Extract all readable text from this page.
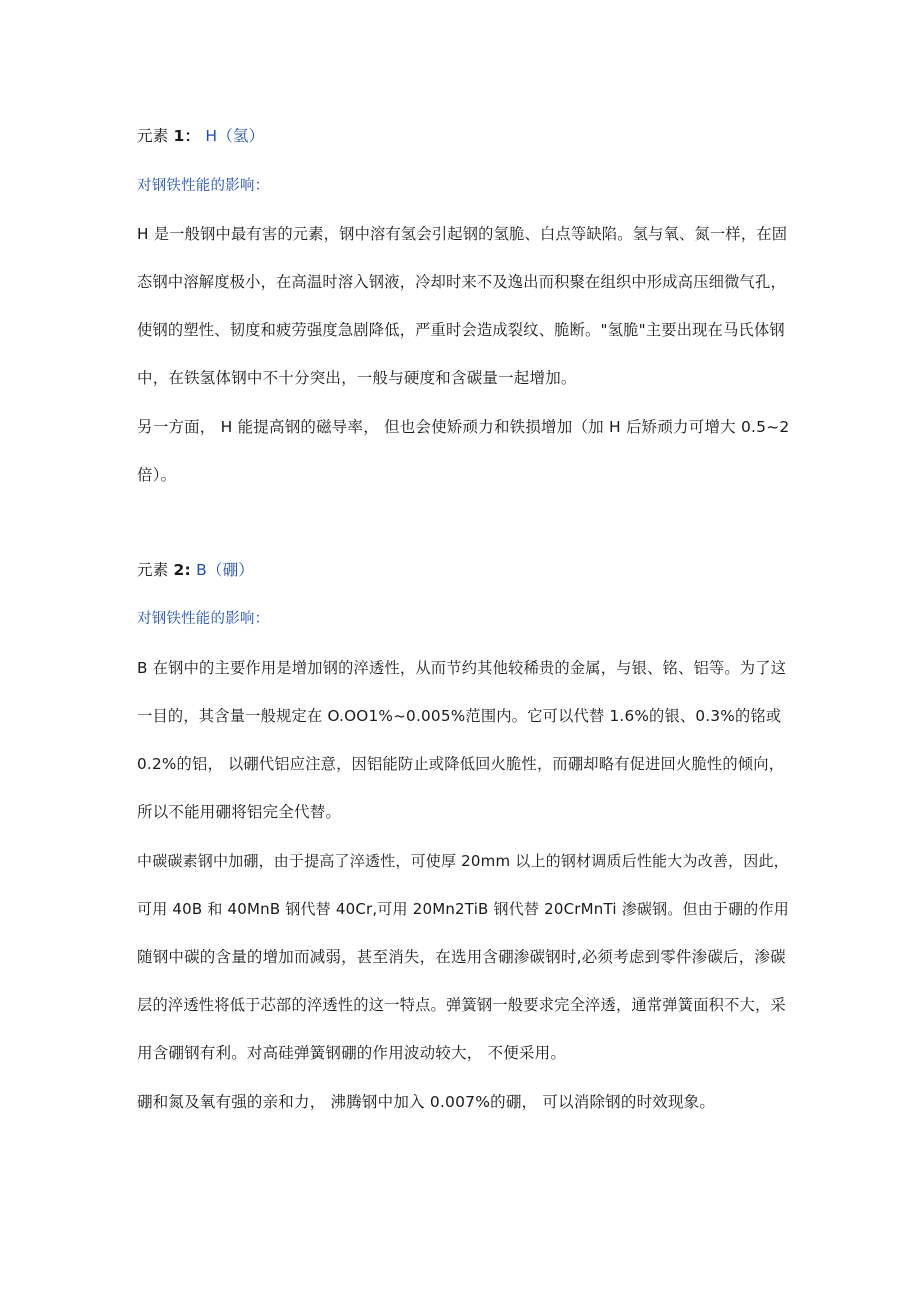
元素 1： H（氢）
对钢铁性能的影响：
H 是一般钢中最有害的元素，钢中溶有氢会引起钢的氢脆、白点等缺陷。氢与氧、氮一样，在固
态钢中溶解度极小，在高温时溶入钢液，冷却时来不及逸出而积聚在组织中形成高压细微气孔，
使钢的塑性、韧度和疲劳强度急剧降低，严重时会造成裂纹、脆断。"氢脆"主要出现在马氏体钢
中，在铁氢体钢中不十分突出，一般与硬度和含碳量一起增加。
另一方面， H 能提高钢的磁导率， 但也会使矫顽力和铁损增加（加 H 后矫顽力可增大 0.5~2
倍）。
元素 2: B（硼）
对钢铁性能的影响：
B 在钢中的主要作用是增加钢的淬透性，从而节约其他较稀贵的金属，与银、铭、铝等。为了这
一目的，其含量一般规定在 O.OO1%~0.005%范围内。它可以代替 1.6%的银、0.3%的铭或
0.2%的铝， 以硼代铝应注意，因铝能防止或降低回火脆性，而硼却略有促进回火脆性的倾向，
所以不能用硼将铝完全代替。
中碳碳素钢中加硼，由于提高了淬透性，可使厚 20mm 以上的钢材调质后性能大为改善，因此，
可用 40B 和 40MnB 钢代替 40Cr,可用 20Mn2TiB 钢代替 20CrMnTi 渗碳钢。但由于硼的作用
随钢中碳的含量的增加而减弱，甚至消失，在选用含硼渗碳钢时,必须考虑到零件渗碳后，渗碳
层的淬透性将低于芯部的淬透性的这一特点。弹簧钢一般要求完全淬透，通常弹簧面积不大，采
用含硼钢有利。对高硅弹簧钢硼的作用波动较大， 不便采用。
硼和氮及氧有强的亲和力， 沸腾钢中加入 0.007%的硼， 可以消除钢的时效现象。
